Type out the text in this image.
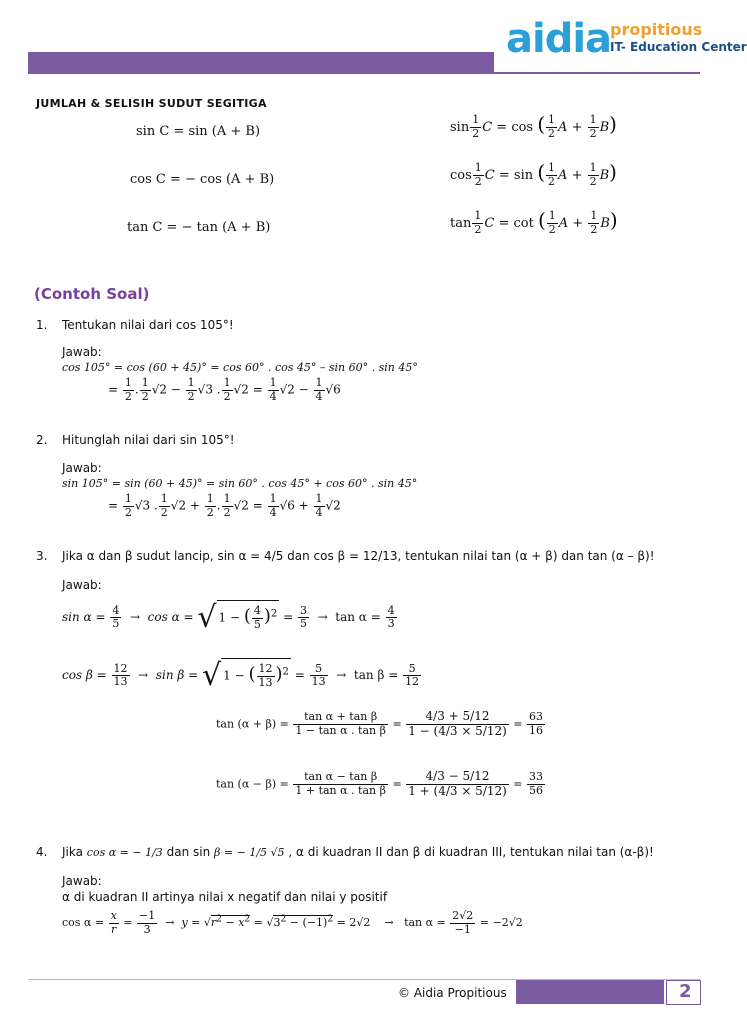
aidia
propitious
IT- Education Center
JUMLAH & SELISIH SUDUT SEGITIGA
sin C = sin (A + B)
cos C = − cos (A + B)
tan C = − tan (A + B)
$\sin \frac{1}{2}$ C = cos ( $\frac{1}{2}$ $A + \frac{1}{2} B$)
$\cos \frac{1}{2}$ C = sin ( $\frac{1}{2}$ $A + \frac{1}{2} B$)
$\tan \frac{1}{2}$ C = cot ( $\frac{1}{2}$ $A + \frac{1}{2} B$)
(Contoh Soal)
1. Tentukan nilai dari cos 105°!
Jawab:
cos 105° = cos (60 + 45)° = cos 60° . cos 45° – sin 60° . sin 45°
= $\frac{1}{2}$ . $\frac{1}{2} √2 - \frac{1}{2} √3$ . $\frac{1}{2} √2 = \frac{1}{4} √2 - \frac{1}{4} √6$
2. Hitunglah nilai dari sin 105°!
Jawab:
sin 105° = sin (60 + 45)° = sin 60° . cos 45° + cos 60° . sin 45°
= $\frac{1}{2} √3$ . $\frac{1}{2} √2 + \frac{1}{2}$ . $\frac{1}{2} √2 = \frac{1}{4} √6 + \frac{1}{4} √2$
3. Jika α dan β sudut lancip, sin α = 4/5 dan cos β = 12/13, tentukan nilai tan (α + β) dan tan (α – β)!
Jawab:
$\sin \alpha = \frac{4}{5} \to \cos \alpha$ = √ 1 − ( $\frac{4}{5} )^2 = \frac{3}{5} \to \tan \alpha = \frac{4}{3}$
$\cos \beta = \frac{12}{13} \to \sin \beta$ = √ 1 − ( $\frac{12}{13} )^2 = \frac{5}{13} \to \tan \beta = \frac{5}{12}$
$\tan (\alpha + \beta) = \frac{\text{tan α + tan β}}{\text{1 − tan α . tan β}} = \frac{4/3 + 5/12}{1 - (4/3 \times 5/12)} = \frac{63}{16}$
$\tan (\alpha - \beta) = \frac{\text{tan α − tan β}}{\text{1 + tan α . tan β}} = \frac{4/3 - 5/12}{1 + (4/3 \times 5/12)} = \frac{33}{56}$
4. Jika cos α = − 1/3 dan sin β = − 1/5 √5 , α di kuadran II dan β di kuadran III, tentukan nilai tan (α-β)!
Jawab:
α di kuadran II artinya nilai x negatif dan nilai y positif
$\cos \alpha = \frac{x}{r} = \frac{-1}{3} \to y = √r^2 - x^2 = √3^2 - (-1)^2 = 2√2$    →   $\tan \alpha = \frac{2√2}{-1} = -2√2$
© Aidia Propitious	2
